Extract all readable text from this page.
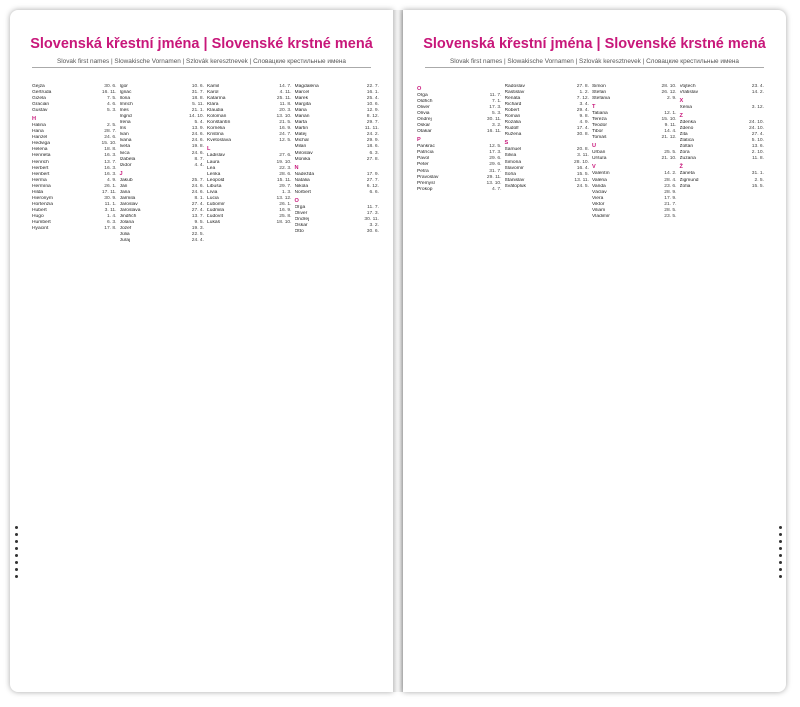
Slovenská křestní jména | Slovenské krstné mená
Slovak first names | Slowakische Vornamen | Szlovák keresztnevek | Словацкие крестильные имена
Gejza	30. 6.
Gertrúda	16. 11.
Gizela	7. 5.
Gracián	4. 6.
Gustáv	5. 3.
H
Halina	2. 5.
Hana	28. 7.
Hanzel	24. 6.
Hedviga	15. 10.
Helena	18. 8.
Henrieta	16. 3.
Henrich	13. 7.
Herbert	16. 3.
Heribert	16. 3.
Herma	4. 9.
Hermína	26. 1.
Hilda	17. 11.
Hieronym	30. 9.
Hortenzia	11. 1.
Hubert	3. 11.
Hugo	1. 4.
Humbert	6. 3.
Hyacint	17. 8.
Igor	10. 6.
Ignác	31. 7.
Ilona	18. 8.
Imrich	5. 11.
Inés	21. 1.
Ingrid	14. 10.
Irena	5. 4.
Iris	13. 9.
Ivan	24. 6.
Ivana	24. 6.
Iveta	19. 8.
Ivica	24. 6.
Izabela	8. 7.
Izidor	4. 4.
J
Jakub	25. 7.
Ján	24. 6.
Jana	24. 6.
Jarmila	8. 1.
Jaroslav	27. 4.
Jaroslava	27. 4.
Jindřich	13. 7.
Jolana	9. 5.
Jozef	19. 3.
Júlia	22. 5.
Juraj	24. 4.
Kamil	14. 7.
Karol	4. 11.
Katarína	25. 11.
Klára	11. 8.
Klaudia	20. 3.
Koloman	13. 10.
Konštantín	21. 5.
Kornélia	16. 9.
Kristína	24. 7.
Kvetoslava	12. 5.
L
Ladislav	27. 6.
Laura	19. 10.
Lea	22. 3.
Lenka	28. 6.
Leopold	15. 11.
Libuša	29. 7.
Lívia	1. 3.
Lucia	13. 12.
Ľubomír	26. 1.
Ľudmila	16. 9.
Ľudovít	25. 8.
Lukáš	18. 10.
Magdaléna	22. 7.
Marcel	16. 1.
Marek	25. 4.
Margita	10. 6.
Mária	12. 9.
Marián	8. 12.
Marta	29. 7.
Martin	11. 11.
Matej	24. 2.
Michal	29. 9.
Milan	18. 6.
Miroslav	6. 3.
Monika	27. 8.
N
Nadežda	17. 9.
Natália	27. 7.
Nikola	6. 12.
Norbert	6. 6.
O
Oľga	11. 7.
Oliver	17. 3.
Ondrej	30. 11.
Oskar	3. 2.
Otto	30. 6.
Slovenská křestní jména | Slovenské krstné mená
Slovak first names | Slowakische Vornamen | Szlovák keresztnevek | Словацкие крестильные имена
O
Oľga	11. 7.
Oldřich	7. 1.
Oliver	17. 3.
Olívia	5. 3.
Ondrej	30. 11.
Oskar	3. 2.
Otakar	16. 11.
P
Pankrác	12. 5.
Patrícia	17. 3.
Pavol	29. 6.
Peter	29. 6.
Petra	31. 7.
Pravoslav	29. 11.
Přemysl	13. 10.
Prokop	4. 7.
Radoslav	27. 8.
Rastislav	1. 2.
Renáta	7. 12.
Richard	3. 4.
Robert	29. 4.
Roman	9. 8.
Rozália	4. 9.
Rudolf	17. 4.
Ružena	30. 8.
S
Samuel	20. 8.
Silvia	3. 11.
Simona	28. 10.
Slavomír	16. 4.
Soňa	15. 5.
Stanislav	13. 11.
Svätopluk	24. 5.
Šimon	28. 10.
Štefan	26. 12.
Štefánia	2. 9.
T
Tatiana	12. 1.
Tereza	15. 10.
Teodor	9. 11.
Tibor	14. 4.
Tomáš	21. 12.
U
Urban	25. 5.
Uršuľa	21. 10.
V
Valentín	14. 2.
Valéria	28. 4.
Vanda	23. 6.
Václav	28. 9.
Viera	17. 9.
Viktor	21. 7.
Viliam	28. 5.
Vladimír	23. 5.
Vojtech	23. 4.
Vratislav	14. 2.
X
Xénia	3. 12.
Z
Zdenka	24. 10.
Zdeno	24. 10.
Zita	27. 4.
Zlatica	5. 10.
Zoltán	13. 6.
Zora	2. 10.
Zuzana	11. 8.
Ž
Žaneta	31. 1.
Žigmund	2. 5.
Žofia	15. 5.
